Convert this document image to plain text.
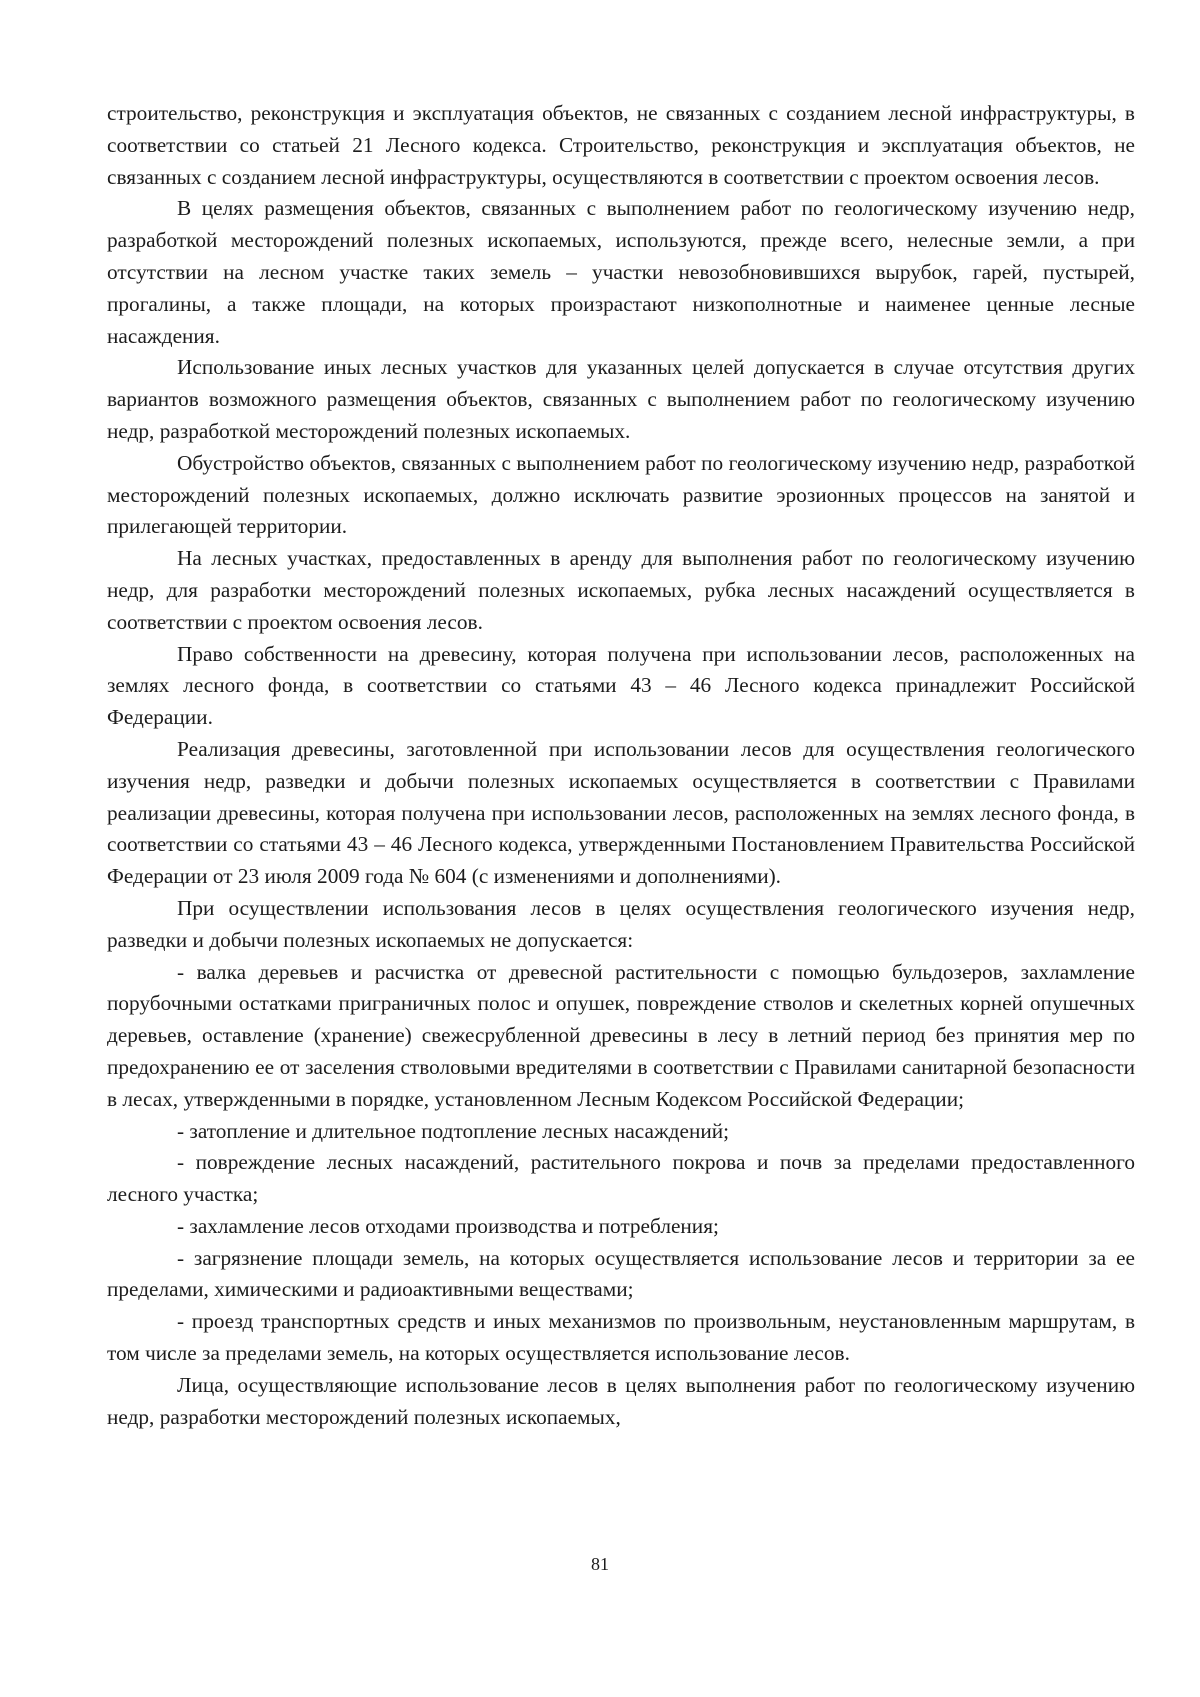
строительство, реконструкция и эксплуатация объектов, не связанных с созданием лесной инфраструктуры, в соответствии со статьей 21 Лесного кодекса. Строительство, реконструкция и эксплуатация объектов, не связанных с созданием лесной инфраструктуры, осуществляются в соответствии с проектом освоения лесов.

В целях размещения объектов, связанных с выполнением работ по геологическому изучению недр, разработкой месторождений полезных ископаемых, используются, прежде всего, нелесные земли, а при отсутствии на лесном участке таких земель – участки невозобновившихся вырубок, гарей, пустырей, прогалины, а также площади, на которых произрастают низкополнотные и наименее ценные лесные насаждения.

Использование иных лесных участков для указанных целей допускается в случае отсутствия других вариантов возможного размещения объектов, связанных с выполнением работ по геологическому изучению недр, разработкой месторождений полезных ископаемых.

Обустройство объектов, связанных с выполнением работ по геологическому изучению недр, разработкой месторождений полезных ископаемых, должно исключать развитие эрозионных процессов на занятой и прилегающей территории.

На лесных участках, предоставленных в аренду для выполнения работ по геологическому изучению недр, для разработки месторождений полезных ископаемых, рубка лесных насаждений осуществляется в соответствии с проектом освоения лесов.

Право собственности на древесину, которая получена при использовании лесов, расположенных на землях лесного фонда, в соответствии со статьями 43 – 46 Лесного кодекса принадлежит Российской Федерации.

Реализация древесины, заготовленной при использовании лесов для осуществления геологического изучения недр, разведки и добычи полезных ископаемых осуществляется в соответствии с Правилами реализации древесины, которая получена при использовании лесов, расположенных на землях лесного фонда, в соответствии со статьями 43 – 46 Лесного кодекса, утвержденными Постановлением Правительства Российской Федерации от 23 июля 2009 года № 604 (с изменениями и дополнениями).

При осуществлении использования лесов в целях осуществления геологического изучения недр, разведки и добычи полезных ископаемых не допускается:

- валка деревьев и расчистка от древесной растительности с помощью бульдозеров, захламление порубочными остатками приграничных полос и опушек, повреждение стволов и скелетных корней опушечных деревьев, оставление (хранение) свежесрубленной древесины в лесу в летний период без принятия мер по предохранению ее от заселения стволовыми вредителями в соответствии с Правилами санитарной безопасности в лесах, утвержденными в порядке, установленном Лесным Кодексом Российской Федерации;

- затопление и длительное подтопление лесных насаждений;

- повреждение лесных насаждений, растительного покрова и почв за пределами предоставленного лесного участка;

- захламление лесов отходами производства и потребления;

- загрязнение площади земель, на которых осуществляется использование лесов и территории за ее пределами, химическими и радиоактивными веществами;

- проезд транспортных средств и иных механизмов по произвольным, неустановленным маршрутам, в том числе за пределами земель, на которых осуществляется использование лесов.

Лица, осуществляющие использование лесов в целях выполнения работ по геологическому изучению недр, разработки месторождений полезных ископаемых,

81
